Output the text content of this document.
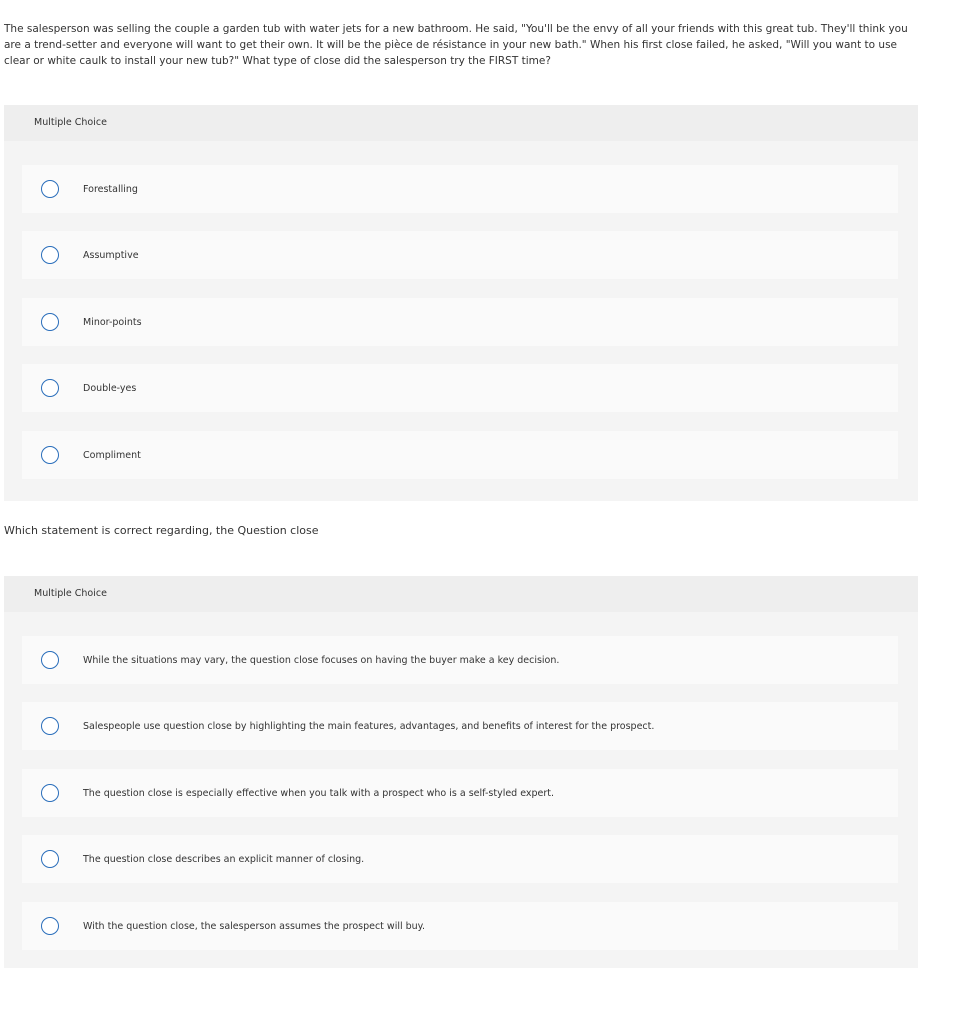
The salesperson was selling the couple a garden tub with water jets for a new bathroom. He said, "You'll be the envy of all your friends with this great tub. They'll think you are a trend-setter and everyone will want to get their own. It will be the pièce de résistance in your new bath." When his first close failed, he asked, "Will you want to use clear or white caulk to install your new tub?" What type of close did the salesperson try the FIRST time?

Multiple Choice
Forestalling
Assumptive
Minor-points
Double-yes
Compliment

Which statement is correct regarding, the Question close

Multiple Choice
While the situations may vary, the question close focuses on having the buyer make a key decision.
Salespeople use question close by highlighting the main features, advantages, and benefits of interest for the prospect.
The question close is especially effective when you talk with a prospect who is a self-styled expert.
The question close describes an explicit manner of closing.
With the question close, the salesperson assumes the prospect will buy.
